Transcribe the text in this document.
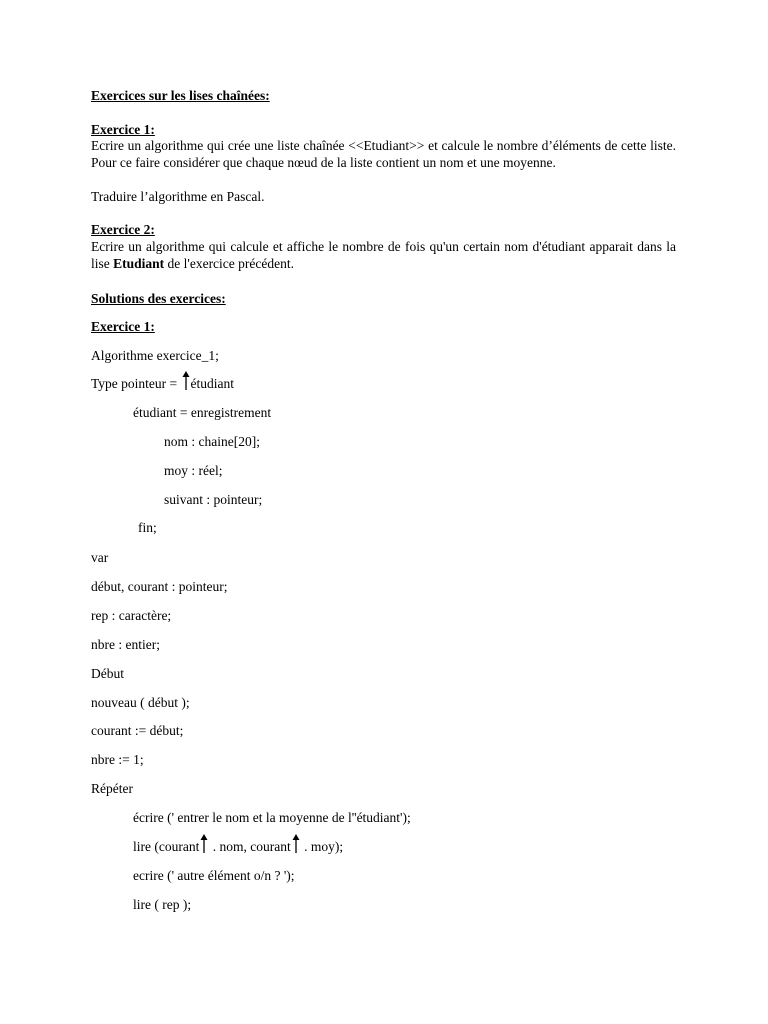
Exercices sur les lises chaînées:
Exercice 1:
Ecrire un algorithme qui crée une liste chaînée <<Etudiant>> et calcule le nombre d’éléments de cette liste. Pour ce faire considérer que chaque nœud de la liste contient un nom et une moyenne.
Traduire l’algorithme en Pascal.
Exercice 2:
Ecrire un algorithme qui calcule et affiche le nombre de fois qu'un certain nom d'étudiant apparait dans la lise Etudiant de l'exercice précédent.
Solutions des exercices:
Exercice 1:
Algorithme exercice_1;
Type pointeur =
étudiant
étudiant = enregistrement
nom : chaine[20];
moy : réel;
suivant : pointeur;
fin;
var
début, courant : pointeur;
rep : caractère;
nbre : entier;
Début
nouveau ( début );
courant := début;
nbre := 1;
Répéter
écrire (' entrer le nom et la moyenne de l''étudiant');
lire (courant
. nom, courant
. moy);
ecrire (' autre élément o/n ? ');
lire ( rep );
